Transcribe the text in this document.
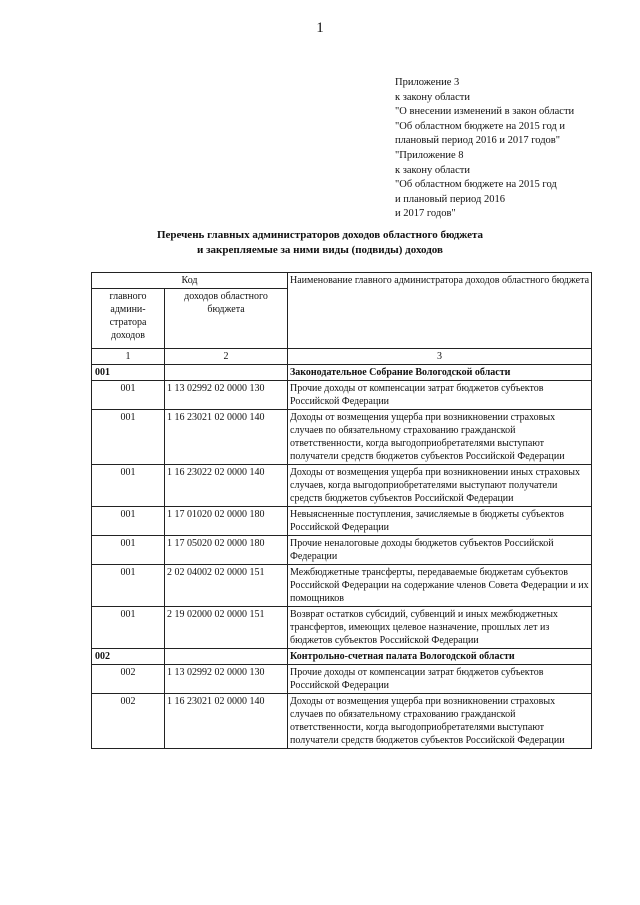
1
Приложение 3
к закону области
"О внесении изменений в закон области
"Об областном бюджете на 2015 год и
плановый период 2016 и 2017 годов"
"Приложение 8
к закону области
"Об областном бюджете на 2015 год
и плановый период 2016
и 2017 годов"
Перечень главных администраторов доходов областного бюджета
и закрепляемые за ними виды (подвиды) доходов
Код		Наименование главного администратора доходов областного бюджета
главного админи-стратора доходов	доходов областного бюджета	
1	2	3
001		Законодательное Собрание Вологодской области
001	1 13 02992 02 0000 130	Прочие доходы от компенсации затрат бюджетов субъектов Российской Федерации
001	1 16 23021 02 0000 140	Доходы от возмещения ущерба при возникновении страховых случаев по обязательному страхованию гражданской ответственности, когда выгодоприобретателями выступают получатели средств бюджетов субъектов Российской Федерации
001	1 16 23022 02 0000 140	Доходы от возмещения ущерба при возникновении иных страховых случаев, когда выгодоприобретателями выступают получатели средств бюджетов субъектов Российской Федерации
001	1 17 01020 02 0000 180	Невыясненные поступления, зачисляемые в бюджеты субъектов Российской Федерации
001	1 17 05020 02 0000 180	Прочие неналоговые доходы бюджетов субъектов Российской Федерации
001	2 02 04002 02 0000 151	Межбюджетные трансферты, передаваемые бюджетам субъектов Российской Федерации на содержание членов Совета Федерации и их помощников
001	2 19 02000 02 0000 151	Возврат остатков субсидий, субвенций и иных межбюджетных трансфертов, имеющих целевое назначение, прошлых лет из бюджетов субъектов Российской Федерации
002		Контрольно-счетная палата Вологодской области
002	1 13 02992 02 0000 130	Прочие доходы от компенсации затрат бюджетов субъектов Российской Федерации
002	1 16 23021 02 0000 140	Доходы от возмещения ущерба при возникновении страховых случаев по обязательному страхованию гражданской ответственности, когда выгодоприобретателями выступают получатели средств бюджетов субъектов Российской Федерации
